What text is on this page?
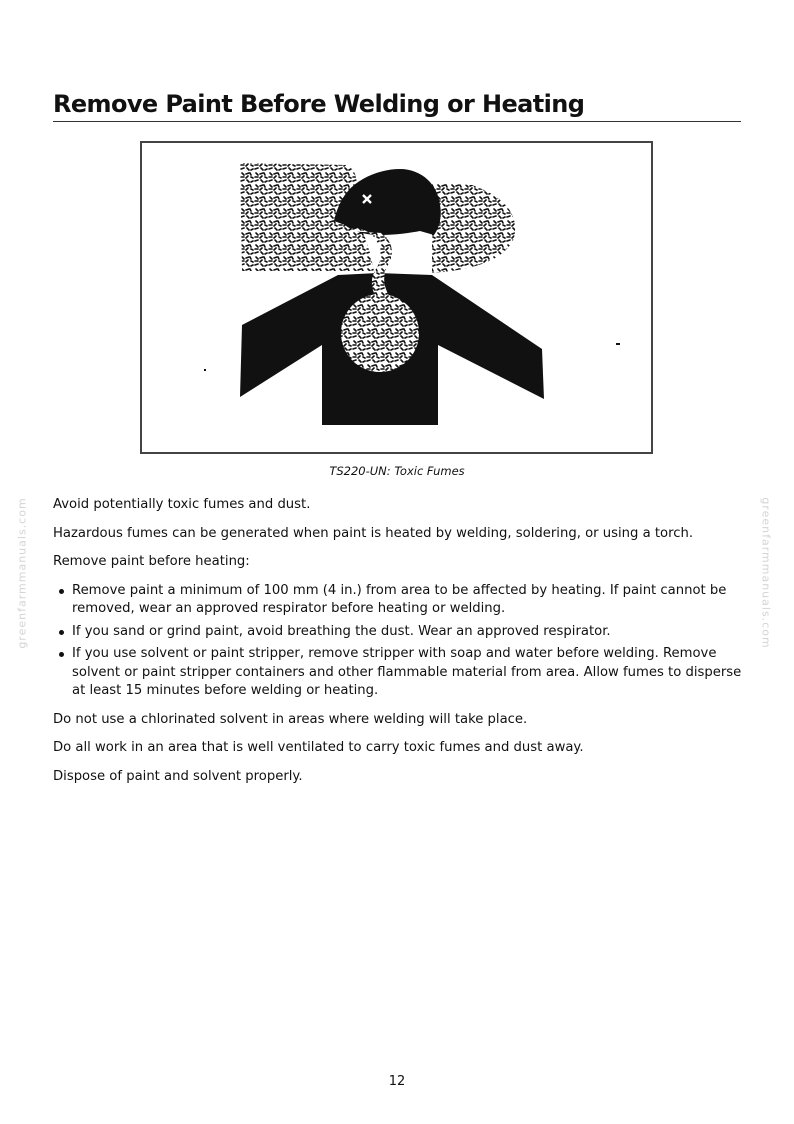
Remove Paint Before Welding or Heating
TS220-UN: Toxic Fumes

Avoid potentially toxic fumes and dust.

Hazardous fumes can be generated when paint is heated by welding, soldering, or using a torch.

Remove paint before heating:

Remove paint a minimum of 100 mm (4 in.) from area to be affected by heating. If paint cannot be removed, wear an approved respirator before heating or welding.
If you sand or grind paint, avoid breathing the dust. Wear an approved respirator.
If you use solvent or paint stripper, remove stripper with soap and water before welding. Remove solvent or paint stripper containers and other flammable material from area. Allow fumes to disperse at least 15 minutes before welding or heating.

Do not use a chlorinated solvent in areas where welding will take place.

Do all work in an area that is well ventilated to carry toxic fumes and dust away.

Dispose of paint and solvent properly.

greenfarmmanuals.com	greenfarmmanuals.com
12
